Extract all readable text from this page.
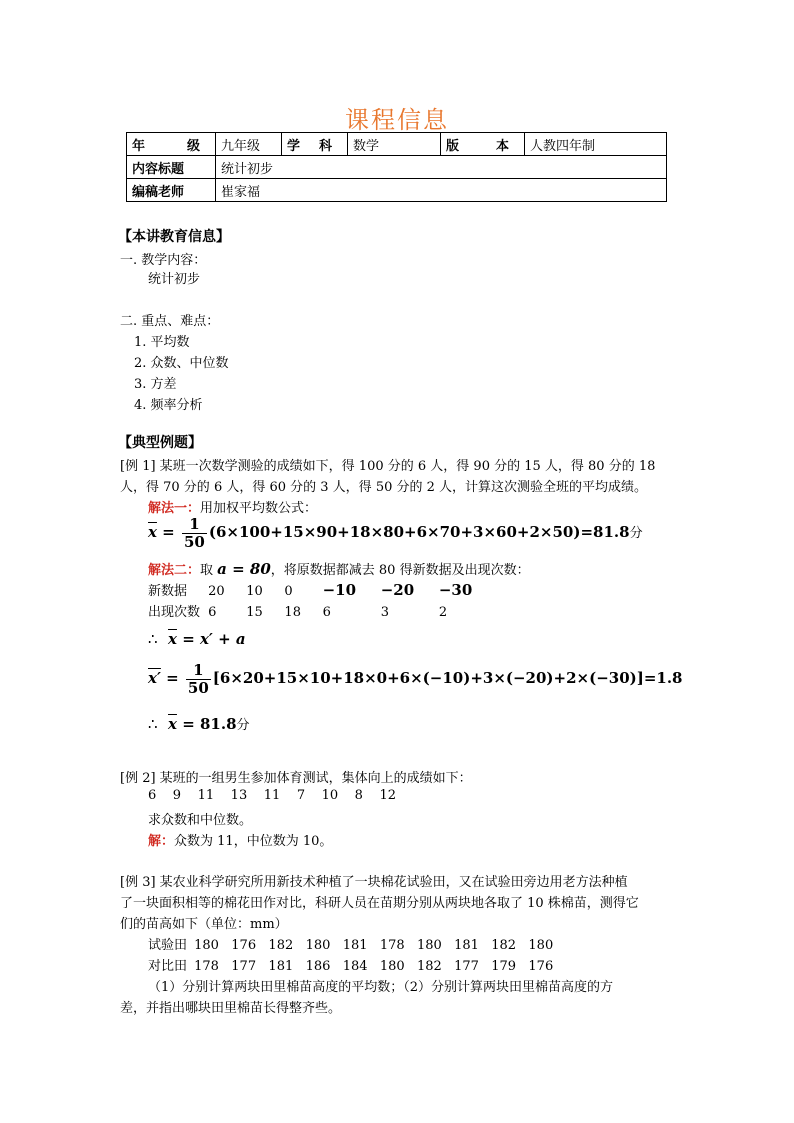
课程信息
年 级	九年级	学 科	数学	版 本	人教四年制
内容标题	统计初步				
编稿老师	崔家福				
【本讲教育信息】
一. 教学内容：
统计初步
二. 重点、难点：
1. 平均数
2. 众数、中位数
3. 方差
4. 频率分析
【典型例题】
[例 1] 某班一次数学测验的成绩如下，得 100 分的 6 人，得 90 分的 15 人，得 80 分的 18
人，得 70 分的 6 人，得 60 分的 3 人，得 50 分的 2 人，计算这次测验全班的平均成绩。
解法一：用加权平均数公式：
$\overline{x} = \frac{1}{50} (6\times 100+15\times 90+18\times 80+6\times 70+3\times 60+2\times 50)=81.8$分
解法二：取 a = 80，将原数据都减去 80 得新数据及出现次数：
新数据 20 10 0 −10 −20 −30
出现次数 6 15 18 6	3	2
∴ $\overline{x} = x' + a$
$x' = \frac{1}{50} [6\times 20+15\times 10+18\times 0+6\times(-10)+3\times(-20)+2\times(-30)]=1.8$
∴ $\overline{x} = 81.8$分
[例 2] 某班的一组男生参加体育测试，集体向上的成绩如下：
6    9    11    13    11    7    10    8    12
求众数和中位数。
解：众数为 11，中位数为 10。
[例 3] 某农业科学研究所用新技术种植了一块棉花试验田，又在试验田旁边用老方法种植
了一块面积相等的棉花田作对比，科研人员在苗期分别从两块地各取了 10 株棉苗，测得它
们的苗高如下（单位：mm）
试验田 180 176 182 180 181 178 180 181 182 180
对比田 178 177 181 186 184 180 182 177 179 176
（1）分别计算两块田里棉苗高度的平均数；（2）分别计算两块田里棉苗高度的方
差，并指出哪块田里棉苗长得整齐些。
